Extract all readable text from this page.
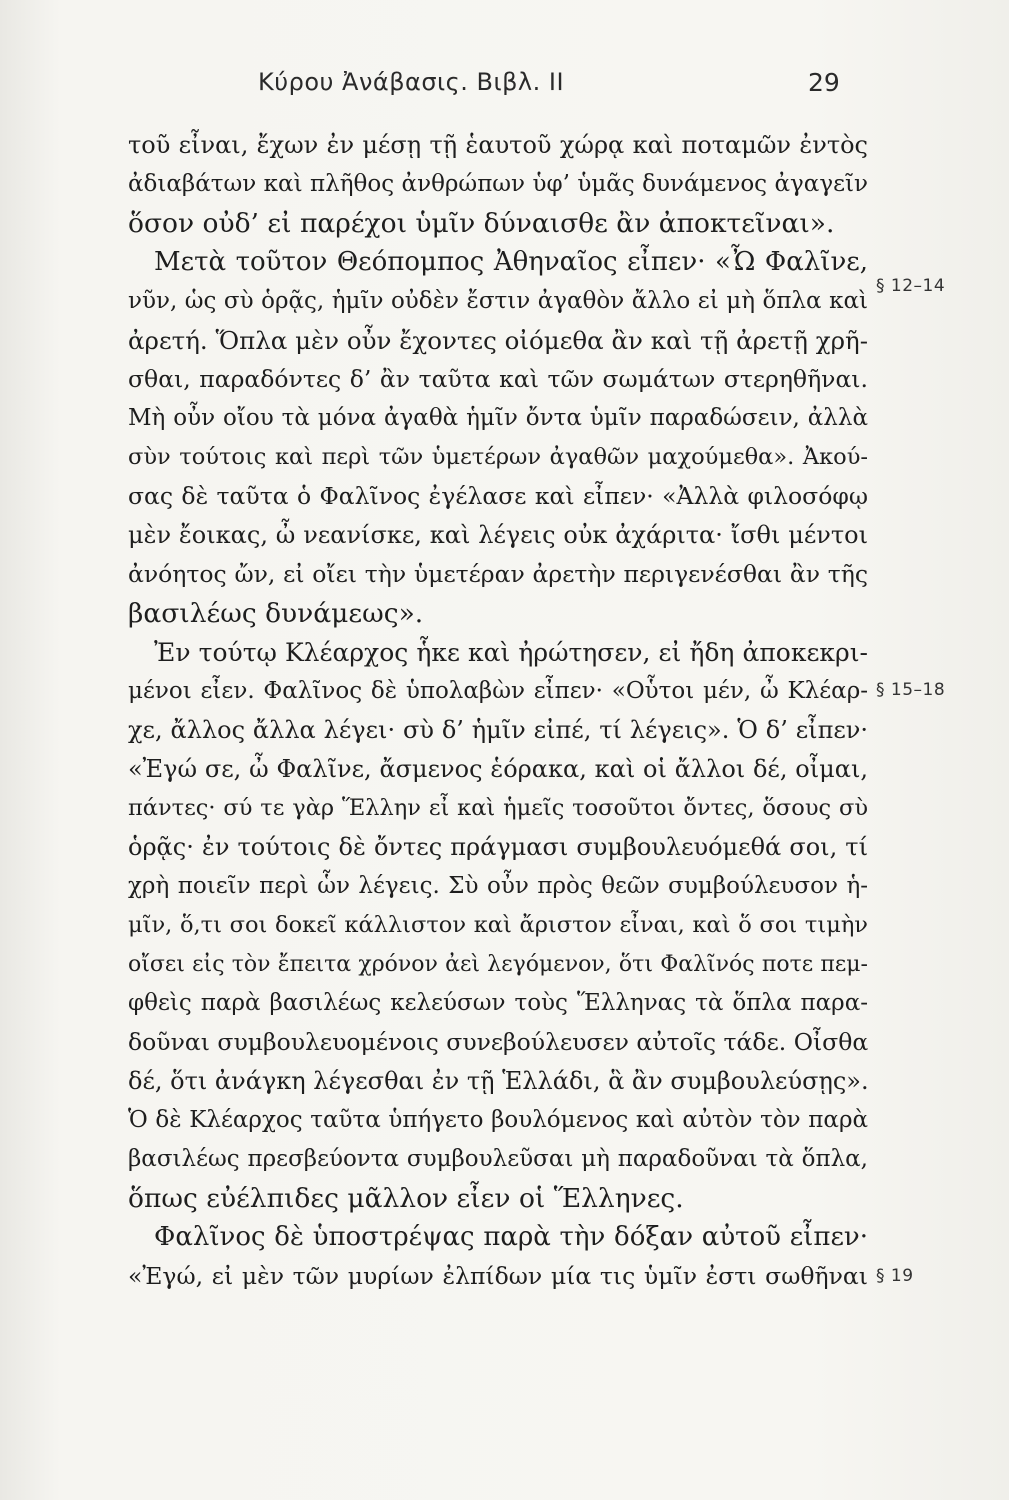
Κύρου Ἀνάβασις. Βιβλ. ΙΙ	29
§ 12–14
§ 15–18
§ 19
τοῦ εἶναι, ἔχων ἐν μέσῃ τῇ ἑαυτοῦ χώρᾳ καὶ ποταμῶν ἐντὸς
ἀδιαβάτων καὶ πλῆθος ἀνθρώπων ὑφ’ ὑμᾶς δυνάμενος ἀγαγεῖν
ὅσον οὐδ’ εἰ παρέχοι ὑμῖν δύναισθε ἂν ἀποκτεῖναι».
Μετὰ τοῦτον Θεόπομπος Ἀθηναῖος εἶπεν· «Ὦ Φαλῖνε,
νῦν, ὡς σὺ ὁρᾷς, ἡμῖν οὐδὲν ἔστιν ἀγαθὸν ἄλλο εἰ μὴ ὅπλα καὶ
ἀρετή. Ὅπλα μὲν οὖν ἔχοντες οἰόμεθα ἂν καὶ τῇ ἀρετῇ χρῆ-
σθαι, παραδόντες δ’ ἂν ταῦτα καὶ τῶν σωμάτων στερηθῆναι.
Μὴ οὖν οἴου τὰ μόνα ἀγαθὰ ἡμῖν ὄντα ὑμῖν παραδώσειν, ἀλλὰ
σὺν τούτοις καὶ περὶ τῶν ὑμετέρων ἀγαθῶν μαχούμεθα». Ἀκού-
σας δὲ ταῦτα ὁ Φαλῖνος ἐγέλασε καὶ εἶπεν· «Ἀλλὰ φιλοσόφῳ
μὲν ἔοικας, ὦ νεανίσκε, καὶ λέγεις οὐκ ἀχάριτα· ἴσθι μέντοι
ἀνόητος ὤν, εἰ οἴει τὴν ὑμετέραν ἀρετὴν περιγενέσθαι ἂν τῆς
βασιλέως δυνάμεως».
Ἐν τούτῳ Κλέαρχος ἧκε καὶ ἠρώτησεν, εἰ ἤδη ἀποκεκρι-
μένοι εἶεν. Φαλῖνος δὲ ὑπολαβὼν εἶπεν· «Οὗτοι μέν, ὦ Κλέαρ-
χε, ἄλλος ἄλλα λέγει· σὺ δ’ ἡμῖν εἰπέ, τί λέγεις». Ὁ δ’ εἶπεν·
«Ἐγώ σε, ὦ Φαλῖνε, ἄσμενος ἑόρακα, καὶ οἱ ἄλλοι δέ, οἶμαι,
πάντες· σύ τε γὰρ Ἕλλην εἶ καὶ ἡμεῖς τοσοῦτοι ὄντες, ὅσους σὺ
ὁρᾷς· ἐν τούτοις δὲ ὄντες πράγμασι συμβουλευόμεθά σοι, τί
χρὴ ποιεῖν περὶ ὧν λέγεις. Σὺ οὖν πρὸς θεῶν συμβούλευσον ἡ-
μῖν, ὅ,τι σοι δοκεῖ κάλλιστον καὶ ἄριστον εἶναι, καὶ ὅ σοι τιμὴν
οἴσει εἰς τὸν ἔπειτα χρόνον ἀεὶ λεγόμενον, ὅτι Φαλῖνός ποτε πεμ-
φθεὶς παρὰ βασιλέως κελεύσων τοὺς Ἕλληνας τὰ ὅπλα παρα-
δοῦναι συμβουλευομένοις συνεβούλευσεν αὐτοῖς τάδε. Οἶσθα
δέ, ὅτι ἀνάγκη λέγεσθαι ἐν τῇ Ἑλλάδι, ἃ ἂν συμβουλεύσῃς».
Ὁ δὲ Κλέαρχος ταῦτα ὑπήγετο βουλόμενος καὶ αὐτὸν τὸν παρὰ
βασιλέως πρεσβεύοντα συμβουλεῦσαι μὴ παραδοῦναι τὰ ὅπλα,
ὅπως εὐέλπιδες μᾶλλον εἶεν οἱ Ἕλληνες.
Φαλῖνος δὲ ὑποστρέψας παρὰ τὴν δόξαν αὐτοῦ εἶπεν·
«Ἐγώ, εἰ μὲν τῶν μυρίων ἐλπίδων μία τις ὑμῖν ἐστι σωθῆναι
